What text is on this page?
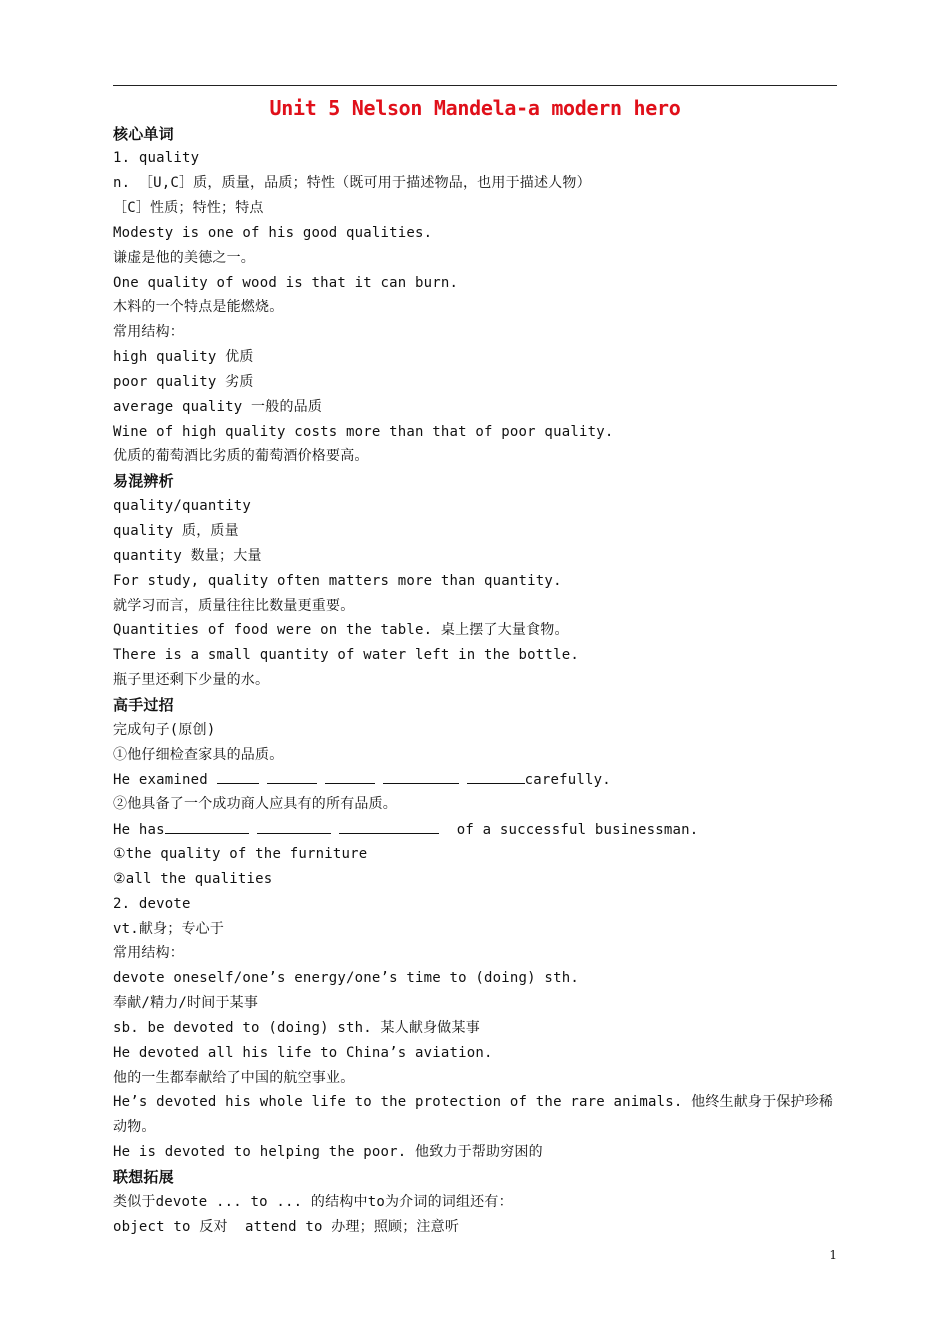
Unit 5 Nelson Mandela-a modern hero
核心单词
1. quality
n. ［U,C］质，质量，品质；特性（既可用于描述物品，也用于描述人物）
［C］性质；特性；特点
Modesty is one of his good qualities.
谦虚是他的美德之一。
One quality of wood is that it can burn.
木料的一个特点是能燃烧。
常用结构：
high quality 优质
poor quality 劣质
average quality 一般的品质
Wine of high quality costs more than that of poor quality.
优质的葡萄酒比劣质的葡萄酒价格要高。
易混辨析
quality/quantity
quality 质，质量
quantity 数量；大量
For study, quality often matters more than quantity.
就学习而言，质量往往比数量更重要。
Quantities of food were on the table. 桌上摆了大量食物。
There is a small quantity of water left in the bottle.
瓶子里还剩下少量的水。
高手过招
完成句子(原创)
①他仔细检查家具的品质。
He examined	carefully.
②他具备了一个成功商人应具有的所有品质。
He has	of a successful businessman.
①the quality of the furniture
②all the qualities
2. devote
vt.献身；专心于
常用结构：
devote oneself/one’s energy/one’s time to (doing) sth.
奉献/精力/时间于某事
sb. be devoted to (doing) sth. 某人献身做某事
He devoted all his life to China’s aviation.
他的一生都奉献给了中国的航空事业。
He’s devoted his whole life to the protection of the rare animals. 他终生献身于保护珍稀动物。
He is devoted to helping the poor. 他致力于帮助穷困的
联想拓展
类似于devote ... to ... 的结构中to为介词的词组还有：
object to 反对  attend to 办理；照顾；注意听
1
